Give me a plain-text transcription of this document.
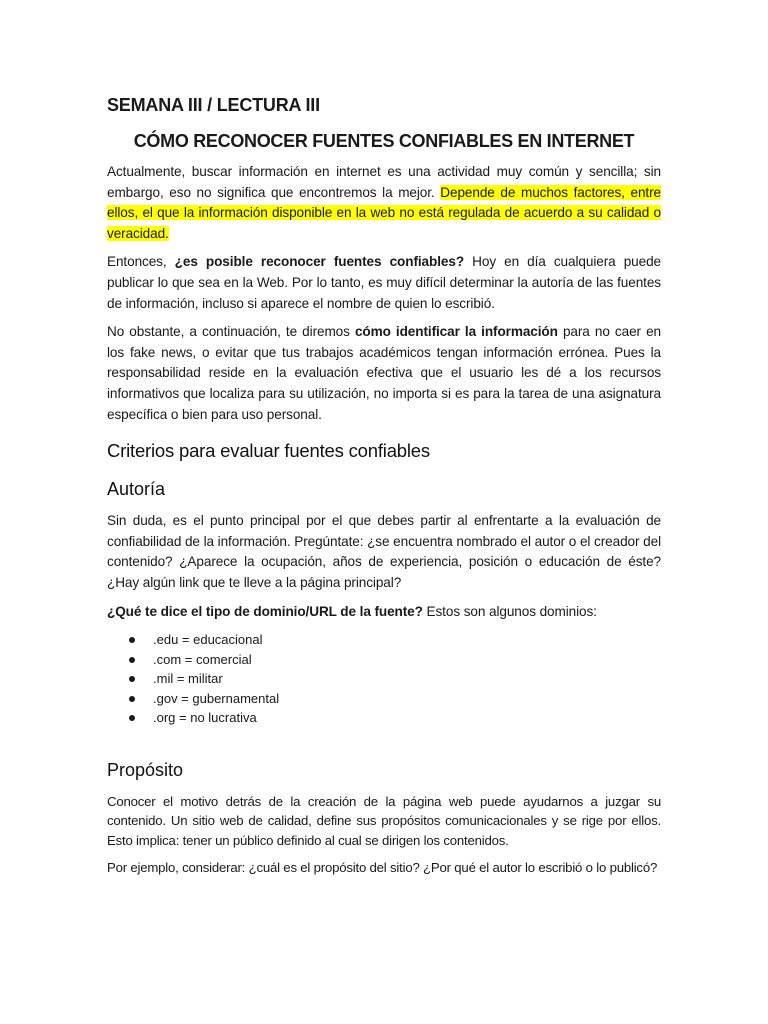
SEMANA III / LECTURA III
CÓMO RECONOCER FUENTES CONFIABLES EN INTERNET

Actualmente, buscar información en internet es una actividad muy común y sencilla; sin embargo, eso no significa que encontremos la mejor. Depende de muchos factores, entre ellos, el que la información disponible en la web no está regulada de acuerdo a su calidad o veracidad.

Entonces, ¿es posible reconocer fuentes confiables? Hoy en día cualquiera puede publicar lo que sea en la Web. Por lo tanto, es muy difícil determinar la autoría de las fuentes de información, incluso si aparece el nombre de quien lo escribió.

No obstante, a continuación, te diremos cómo identificar la información para no caer en los fake news, o evitar que tus trabajos académicos tengan información errónea. Pues la responsabilidad reside en la evaluación efectiva que el usuario les dé a los recursos informativos que localiza para su utilización, no importa si es para la tarea de una asignatura específica o bien para uso personal.

Criterios para evaluar fuentes confiables
Autoría

Sin duda, es el punto principal por el que debes partir al enfrentarte a la evaluación de confiabilidad de la información. Pregúntate: ¿se encuentra nombrado el autor o el creador del contenido? ¿Aparece la ocupación, años de experiencia, posición o educación de éste? ¿Hay algún link que te lleve a la página principal?

¿Qué te dice el tipo de dominio/URL de la fuente? Estos son algunos dominios:

.edu = educacional
.com = comercial
.mil = militar
.gov = gubernamental
.org = no lucrativa
Propósito

Conocer el motivo detrás de la creación de la página web puede ayudarnos a juzgar su contenido. Un sitio web de calidad, define sus propósitos comunicacionales y se rige por ellos. Esto implica: tener un público definido al cual se dirigen los contenidos.

Por ejemplo, considerar: ¿cuál es el propósito del sitio? ¿Por qué el autor lo escribió o lo publicó?
